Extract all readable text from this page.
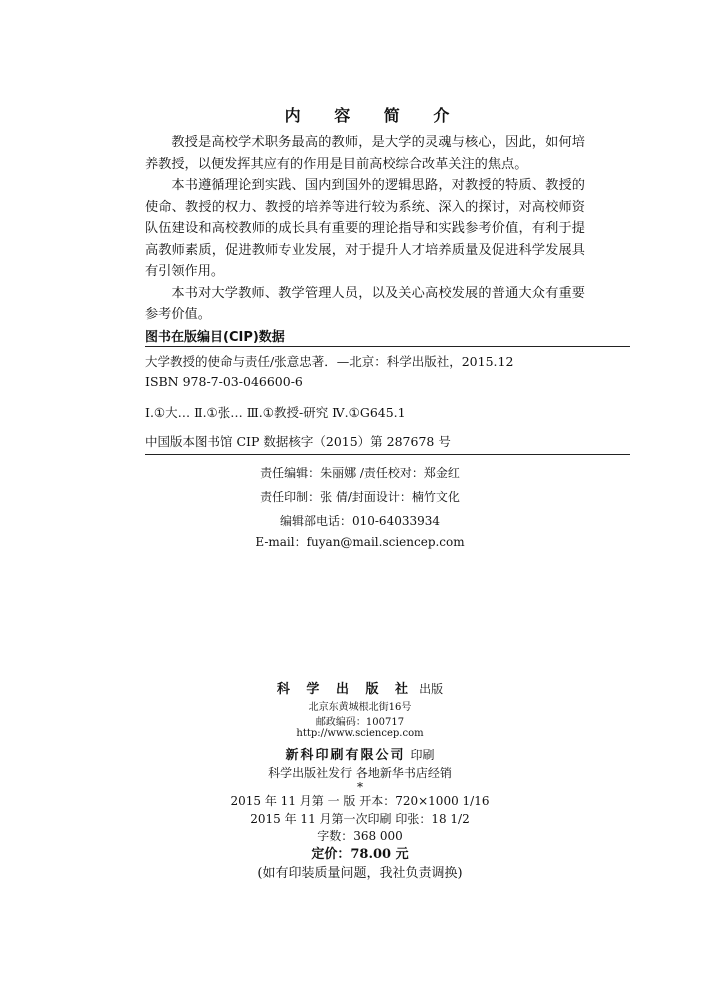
内 容 简 介

教授是高校学术职务最高的教师，是大学的灵魂与核心，因此，如何培养教授，以便发挥其应有的作用是目前高校综合改革关注的焦点。

本书遵循理论到实践、国内到国外的逻辑思路，对教授的特质、教授的使命、教授的权力、教授的培养等进行较为系统、深入的探讨，对高校师资队伍建设和高校教师的成长具有重要的理论指导和实践参考价值，有利于提高教师素质，促进教师专业发展，对于提升人才培养质量及促进科学发展具有引领作用。

本书对大学教师、教学管理人员，以及关心高校发展的普通大众有重要参考价值。

图书在版编目(CIP)数据
大学教授的使命与责任/张意忠著．—北京：科学出版社，2015.12
ISBN 978-7-03-046600-6
Ⅰ.①大… Ⅱ.①张… Ⅲ.①教授-研究 Ⅳ.①G645.1
中国版本图书馆 CIP 数据核字（2015）第 287678 号
责任编辑：朱丽娜 /责任校对：郑金红
责任印制：张 倩/封面设计：楠竹文化
编辑部电话：010-64033934
E-mail：fuyan@mail.sciencep.com
科 学 出 版 社 出版
北京东黄城根北街16号
邮政编码：100717
http://www.sciencep.com
新科印刷有限公司 印刷
科学出版社发行 各地新华书店经销
*
2015 年 11 月第 一 版 开本：720×1000 1/16
2015 年 11 月第一次印刷 印张：18 1/2
字数：368 000
定价：78.00 元
(如有印装质量问题，我社负责调换)
